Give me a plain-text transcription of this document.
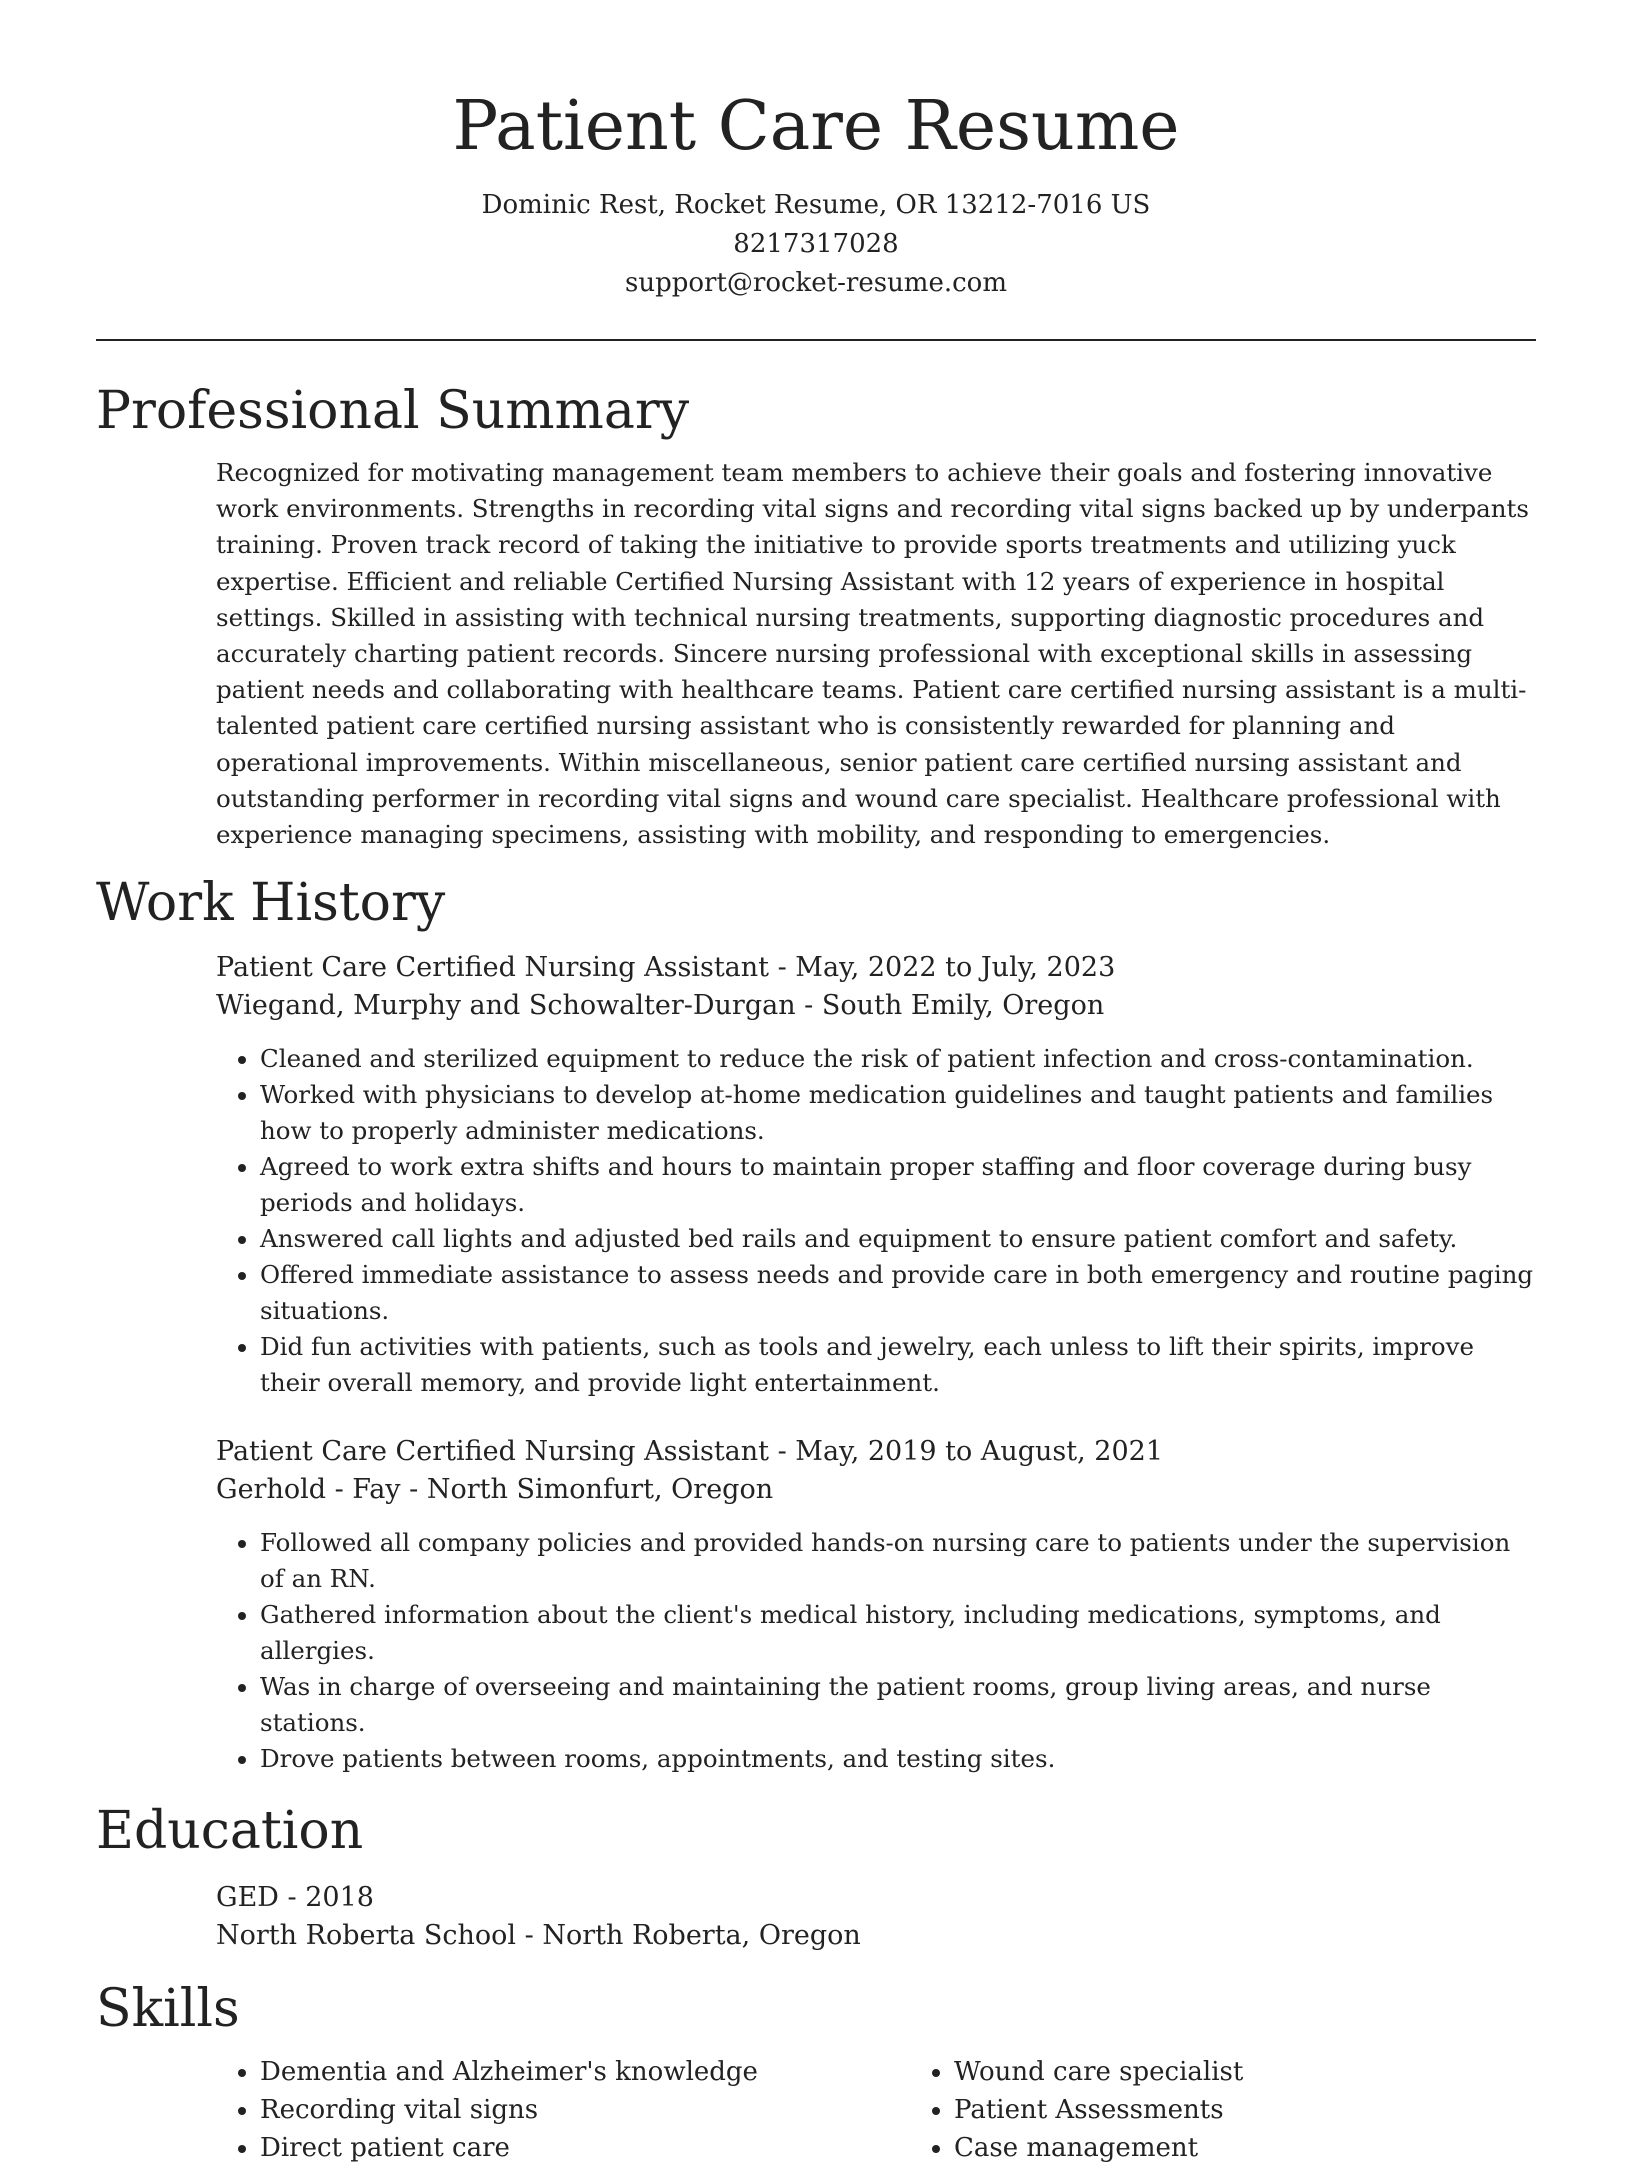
Patient Care Resume
Dominic Rest, Rocket Resume, OR 13212-7016 US
8217317028
support@rocket-resume.com
Professional Summary

Recognized for motivating management team members to achieve their goals and fostering innovative work environments. Strengths in recording vital signs and recording vital signs backed up by underpants training. Proven track record of taking the initiative to provide sports treatments and utilizing yuck expertise. Efficient and reliable Certified Nursing Assistant with 12 years of experience in hospital settings. Skilled in assisting with technical nursing treatments, supporting diagnostic procedures and accurately charting patient records. Sincere nursing professional with exceptional skills in assessing patient needs and collaborating with healthcare teams. Patient care certified nursing assistant is a multi-talented patient care certified nursing assistant who is consistently rewarded for planning and operational improvements. Within miscellaneous, senior patient care certified nursing assistant and outstanding performer in recording vital signs and wound care specialist. Healthcare professional with experience managing specimens, assisting with mobility, and responding to emergencies.

Work History
Patient Care Certified Nursing Assistant - May, 2022 to July, 2023
Wiegand, Murphy and Schowalter-Durgan - South Emily, Oregon
• Cleaned and sterilized equipment to reduce the risk of patient infection and cross-contamination.
• Worked with physicians to develop at-home medication guidelines and taught patients and families how to properly administer medications.
• Agreed to work extra shifts and hours to maintain proper staffing and floor coverage during busy periods and holidays.
• Answered call lights and adjusted bed rails and equipment to ensure patient comfort and safety.
• Offered immediate assistance to assess needs and provide care in both emergency and routine paging situations.
• Did fun activities with patients, such as tools and jewelry, each unless to lift their spirits, improve their overall memory, and provide light entertainment.
Patient Care Certified Nursing Assistant - May, 2019 to August, 2021
Gerhold - Fay - North Simonfurt, Oregon
• Followed all company policies and provided hands-on nursing care to patients under the supervision of an RN.
• Gathered information about the client's medical history, including medications, symptoms, and allergies.
• Was in charge of overseeing and maintaining the patient rooms, group living areas, and nurse stations.
• Drove patients between rooms, appointments, and testing sites.
Education
GED - 2018
North Roberta School - North Roberta, Oregon
Skills
• Dementia and Alzheimer's knowledge
• Recording vital signs
• Direct patient care
• Wound care specialist
• Patient Assessments
• Case management
